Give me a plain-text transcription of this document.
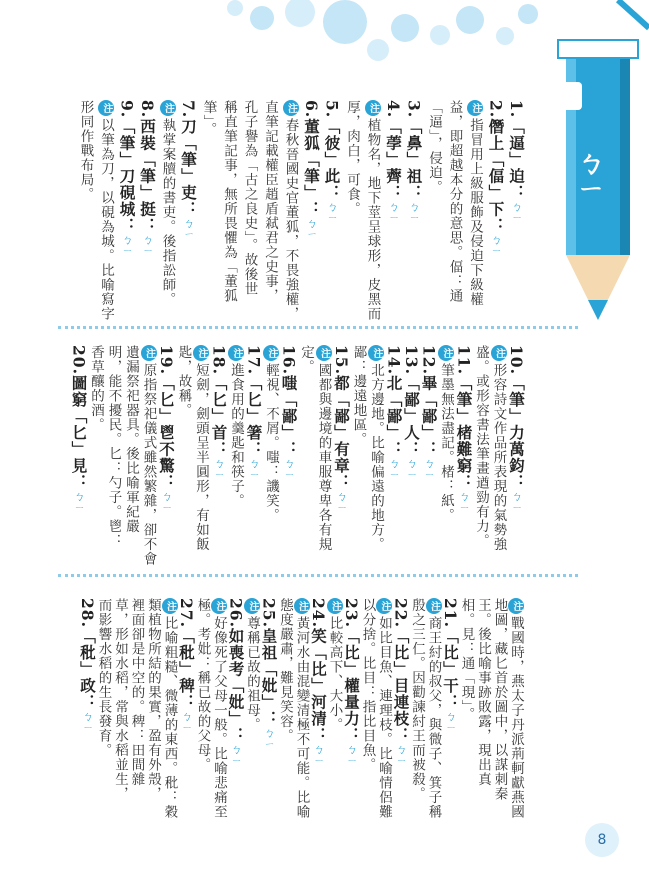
ㄅ
ㄅㄧ
1.「逼」迫：ㄅㄧ
2.僭上「偪」下：ㄅㄧ
注指冒用上級服飾及侵迫下級權
益，即超越本分的意思。偪：通
「逼」，侵迫。
3.「鼻」祖：ㄅㄧ
4.「荸」薺：ㄅㄧ
注植物名，地下莖呈球形，皮黑而
厚，肉白，可食。
5.「彼」此：ㄅㄧ
6.董狐「筆」：ㄅㄧ
注春秋晉國史官董狐，不畏強權，
直筆記載權臣趙盾弒君之史事，
孔子譽為「古之良史」。故後世
稱直筆記事，無所畏懼為「董狐
筆」。
7.刀「筆」吏：ㄅㄧ
注執掌案牘的書吏。後指訟師。
8.西裝「筆」挺：ㄅㄧ
9.「筆」刀硯城：ㄅㄧ
注以筆為刀，以硯為城。比喻寫字
形同作戰布局。
10.「筆」力萬鈞：ㄅㄧ
注形容詩文作品所表現的氣勢強
盛。或形容書法筆畫遒勁有力。
11.「筆」楮難窮：ㄅㄧ
注筆墨無法盡記。楮：紙。
12.畢「鄙」：ㄅㄧ
13.「鄙」人：ㄅㄧ
14.北「鄙」：ㄅㄧ
注北方邊地。比喻偏遠的地方。
鄙：邊遠地區。
15.都「鄙」有章：ㄅㄧ
注國都與邊境的車服尊卑各有規
定。
16.嗤「鄙」：ㄅㄧ
注輕視、不屑。嗤：譏笑。
17.「匕」箸：ㄅㄧ
注進食用的羹匙和筷子。
18.「匕」首：ㄅㄧ
注短劍，劍頭呈半圓形，有如飯
匙，故稱。
19.「匕」鬯不驚：ㄅㄧ
注原指祭祀儀式雖然繁雜，卻不會
遺漏祭祀器具。後比喻軍紀嚴
明，能不擾民。匕：勺子。鬯：
香草釀的酒。
20.圖窮「匕」見：ㄅㄧ
注戰國時，燕太子丹派荊軻獻燕國
地圖，藏匕首於圖中，以謀刺秦
王。後比喻事跡敗露，現出真
相。見：通「現」。
21.「比」干：ㄅㄧ
注商王紂的叔父，與微子、箕子稱
殷之三仁。因勸諫紂王而被殺。
22.「比」目連枝：ㄅㄧ
注如比目魚、連理枝。比喻情侶難
以分捨。比目：指比目魚。
23.「比」權量力：ㄅㄧ
注比較高下、大小。
24.笑「比」河清：ㄅㄧ
注黃河水由混變清極不可能。比喻
態度嚴肅，難見笑容。
25.皇祖「妣」：ㄅㄧ
注尊稱已故的祖母。
26.如喪考「妣」：ㄅㄧ
注好像死了父母一般。比喻悲痛至
極。考妣：稱已故的父母。
27.「秕」稗：ㄅㄧ
注比喻粗糙、微薄的東西。秕：穀
類植物所結的果實，盈有外殼，
裡面卻是中空的。稗：田間雜
草，形如水稻，常與水稻並生，
而影響水稻的生長發育。
28.「秕」政：ㄅㄧ
8
